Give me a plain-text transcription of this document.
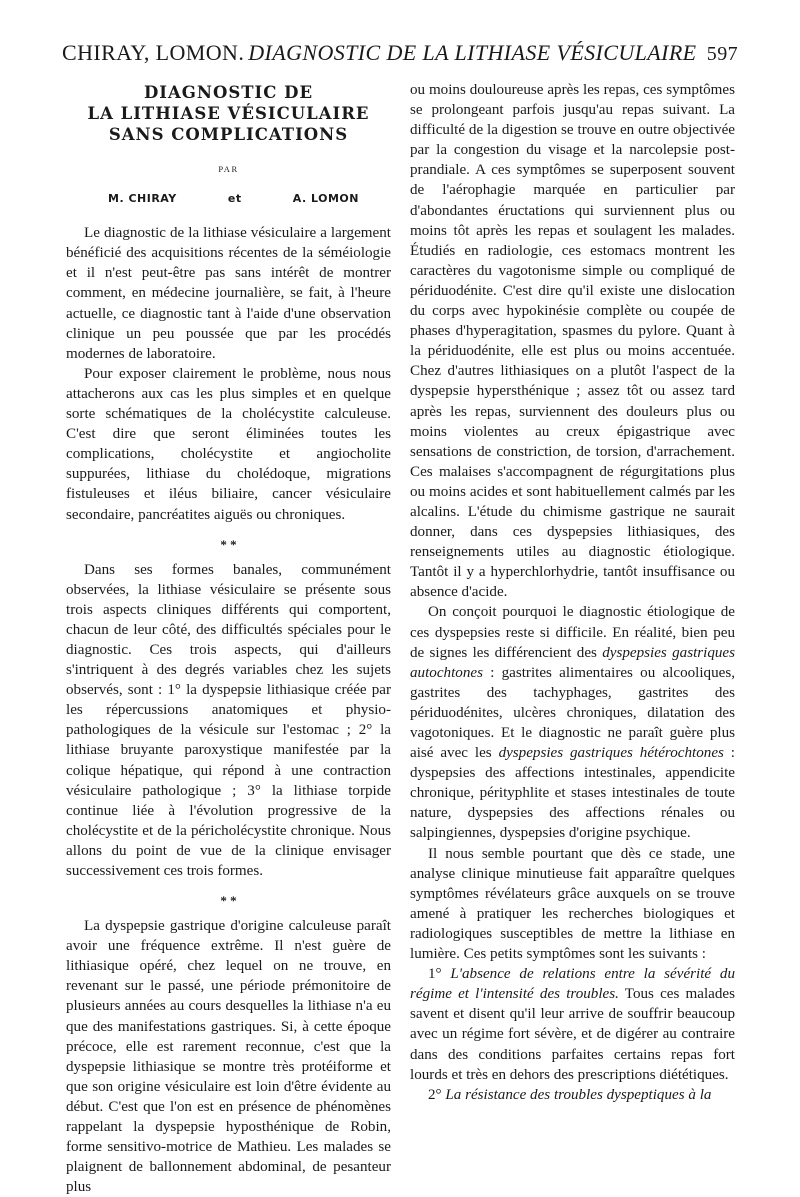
CHIRAY, LOMON. DIAGNOSTIC DE LA LITHIASE VÉSICULAIRE 597
DIAGNOSTIC DE
LA LITHIASE VÉSICULAIRE
SANS COMPLICATIONS
PAR
M. CHIRAY	et	A. LOMON

Le diagnostic de la lithiase vésiculaire a largement bénéficié des acquisitions récentes de la séméiologie et il n'est peut-être pas sans intérêt de montrer comment, en médecine journalière, se fait, à l'heure actuelle, ce diagnostic tant à l'aide d'une observation clinique un peu poussée que par les procédés modernes de laboratoire.

Pour exposer clairement le problème, nous nous attacherons aux cas les plus simples et en quelque sorte schématiques de la cholécystite calculeuse. C'est dire que seront éliminées toutes les complications, cholécystite et angiocholite suppurées, lithiase du cholédoque, migrations fistuleuses et iléus biliaire, cancer vésiculaire secondaire, pancréatites aiguës ou chroniques.

* *

Dans ses formes banales, communément observées, la lithiase vésiculaire se présente sous trois aspects cliniques différents qui comportent, chacun de leur côté, des difficultés spéciales pour le diagnostic. Ces trois aspects, qui d'ailleurs s'intriquent à des degrés variables chez les sujets observés, sont : 1° la dyspepsie lithiasique créée par les répercussions anatomiques et physio-pathologiques de la vésicule sur l'estomac ; 2° la lithiase bruyante paroxystique manifestée par la colique hépatique, qui répond à une contraction vésiculaire pathologique ; 3° la lithiase torpide continue liée à l'évolution progressive de la cholécystite et de la péricholécystite chronique. Nous allons du point de vue de la clinique envisager successivement ces trois formes.

* *

La dyspepsie gastrique d'origine calculeuse paraît avoir une fréquence extrême. Il n'est guère de lithiasique opéré, chez lequel on ne trouve, en revenant sur le passé, une période prémonitoire de plusieurs années au cours desquelles la lithiase n'a eu que des manifestations gastriques. Si, à cette époque précoce, elle est rarement reconnue, c'est que la dyspepsie lithiasique se montre très protéiforme et que son origine vésiculaire est loin d'être évidente au début. C'est que l'on est en présence de phénomènes rappelant la dyspepsie hyposthénique de Robin, forme sensitivo-motrice de Mathieu. Les malades se plaignent de ballonnement abdominal, de pesanteur plus

ou moins douloureuse après les repas, ces symptômes se prolongeant parfois jusqu'au repas suivant. La difficulté de la digestion se trouve en outre objectivée par la congestion du visage et la narcolepsie post-prandiale. A ces symptômes se superposent souvent de l'aérophagie marquée en particulier par d'abondantes éructations qui surviennent plus ou moins tôt après les repas et soulagent les malades. Étudiés en radiologie, ces estomacs montrent les caractères du vagotonisme simple ou compliqué de périduodénite. C'est dire qu'il existe une dislocation du corps avec hypokinésie complète ou coupée de phases d'hyperagitation, spasmes du pylore. Quant à la périduodénite, elle est plus ou moins accentuée. Chez d'autres lithiasiques on a plutôt l'aspect de la dyspepsie hypersthénique ; assez tôt ou assez tard après les repas, surviennent des douleurs plus ou moins violentes au creux épigastrique avec sensations de constriction, de torsion, d'arrachement. Ces malaises s'accompagnent de régurgitations plus ou moins acides et sont habituellement calmés par les alcalins. L'étude du chimisme gastrique ne saurait donner, dans ces dyspepsies lithiasiques, des renseignements utiles au diagnostic étiologique. Tantôt il y a hyperchlorhydrie, tantôt insuffisance ou absence d'acide.

On conçoit pourquoi le diagnostic étiologique de ces dyspepsies reste si difficile. En réalité, bien peu de signes les différencient des dyspepsies gastriques autochtones : gastrites alimentaires ou alcooliques, gastrites des tachyphages, gastrites des périduodénites, ulcères chroniques, dilatation des vagotoniques. Et le diagnostic ne paraît guère plus aisé avec les dyspepsies gastriques hétérochtones : dyspepsies des affections intestinales, appendicite chronique, pérityphlite et stases intestinales de toute nature, dyspepsies des affections rénales ou salpingiennes, dyspepsies d'origine psychique.

Il nous semble pourtant que dès ce stade, une analyse clinique minutieuse fait apparaître quelques symptômes révélateurs grâce auxquels on se trouve amené à pratiquer les recherches biologiques et radiologiques susceptibles de mettre la lithiase en lumière. Ces petits symptômes sont les suivants :

1° L'absence de relations entre la sévérité du régime et l'intensité des troubles. Tous ces malades savent et disent qu'il leur arrive de souffrir beaucoup avec un régime fort sévère, et de digérer au contraire dans des conditions parfaites certains repas fort lourds et très en dehors des prescriptions diététiques.

2° La résistance des troubles dyspeptiques à la
